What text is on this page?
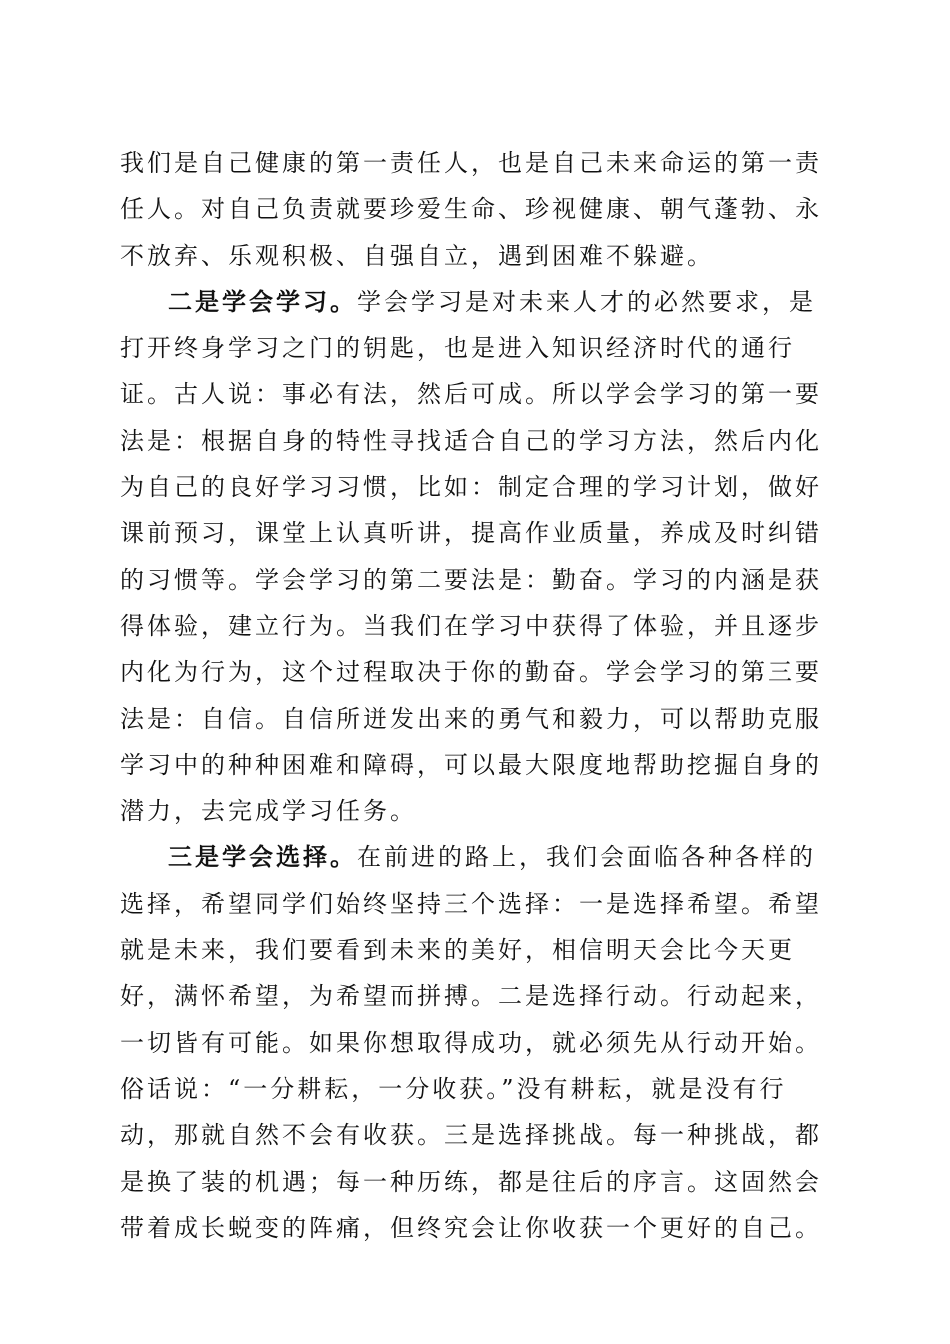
我们是自己健康的第一责任人，也是自己未来命运的第一责任人。对自己负责就要珍爱生命、珍视健康、朝气蓬勃、永不放弃、乐观积极、自强自立，遇到困难不躲避。

二是学会学习。学会学习是对未来人才的必然要求，是打开终身学习之门的钥匙，也是进入知识经济时代的通行证。古人说：事必有法，然后可成。所以学会学习的第一要法是：根据自身的特性寻找适合自己的学习方法，然后内化为自己的良好学习习惯，比如：制定合理的学习计划，做好课前预习，课堂上认真听讲，提高作业质量，养成及时纠错的习惯等。学会学习的第二要法是：勤奋。学习的内涵是获得体验，建立行为。当我们在学习中获得了体验，并且逐步内化为行为，这个过程取决于你的勤奋。学会学习的第三要法是：自信。自信所迸发出来的勇气和毅力，可以帮助克服学习中的种种困难和障碍，可以最大限度地帮助挖掘自身的潜力，去完成学习任务。

三是学会选择。在前进的路上，我们会面临各种各样的选择，希望同学们始终坚持三个选择：一是选择希望。希望就是未来，我们要看到未来的美好，相信明天会比今天更好，满怀希望，为希望而拼搏。二是选择行动。行动起来，一切皆有可能。如果你想取得成功，就必须先从行动开始。俗话说：“一分耕耘，一分收获。”没有耕耘，就是没有行动，那就自然不会有收获。三是选择挑战。每一种挑战，都是换了装的机遇；每一种历练，都是往后的序言。这固然会带着成长蜕变的阵痛，但终究会让你收获一个更好的自己。
